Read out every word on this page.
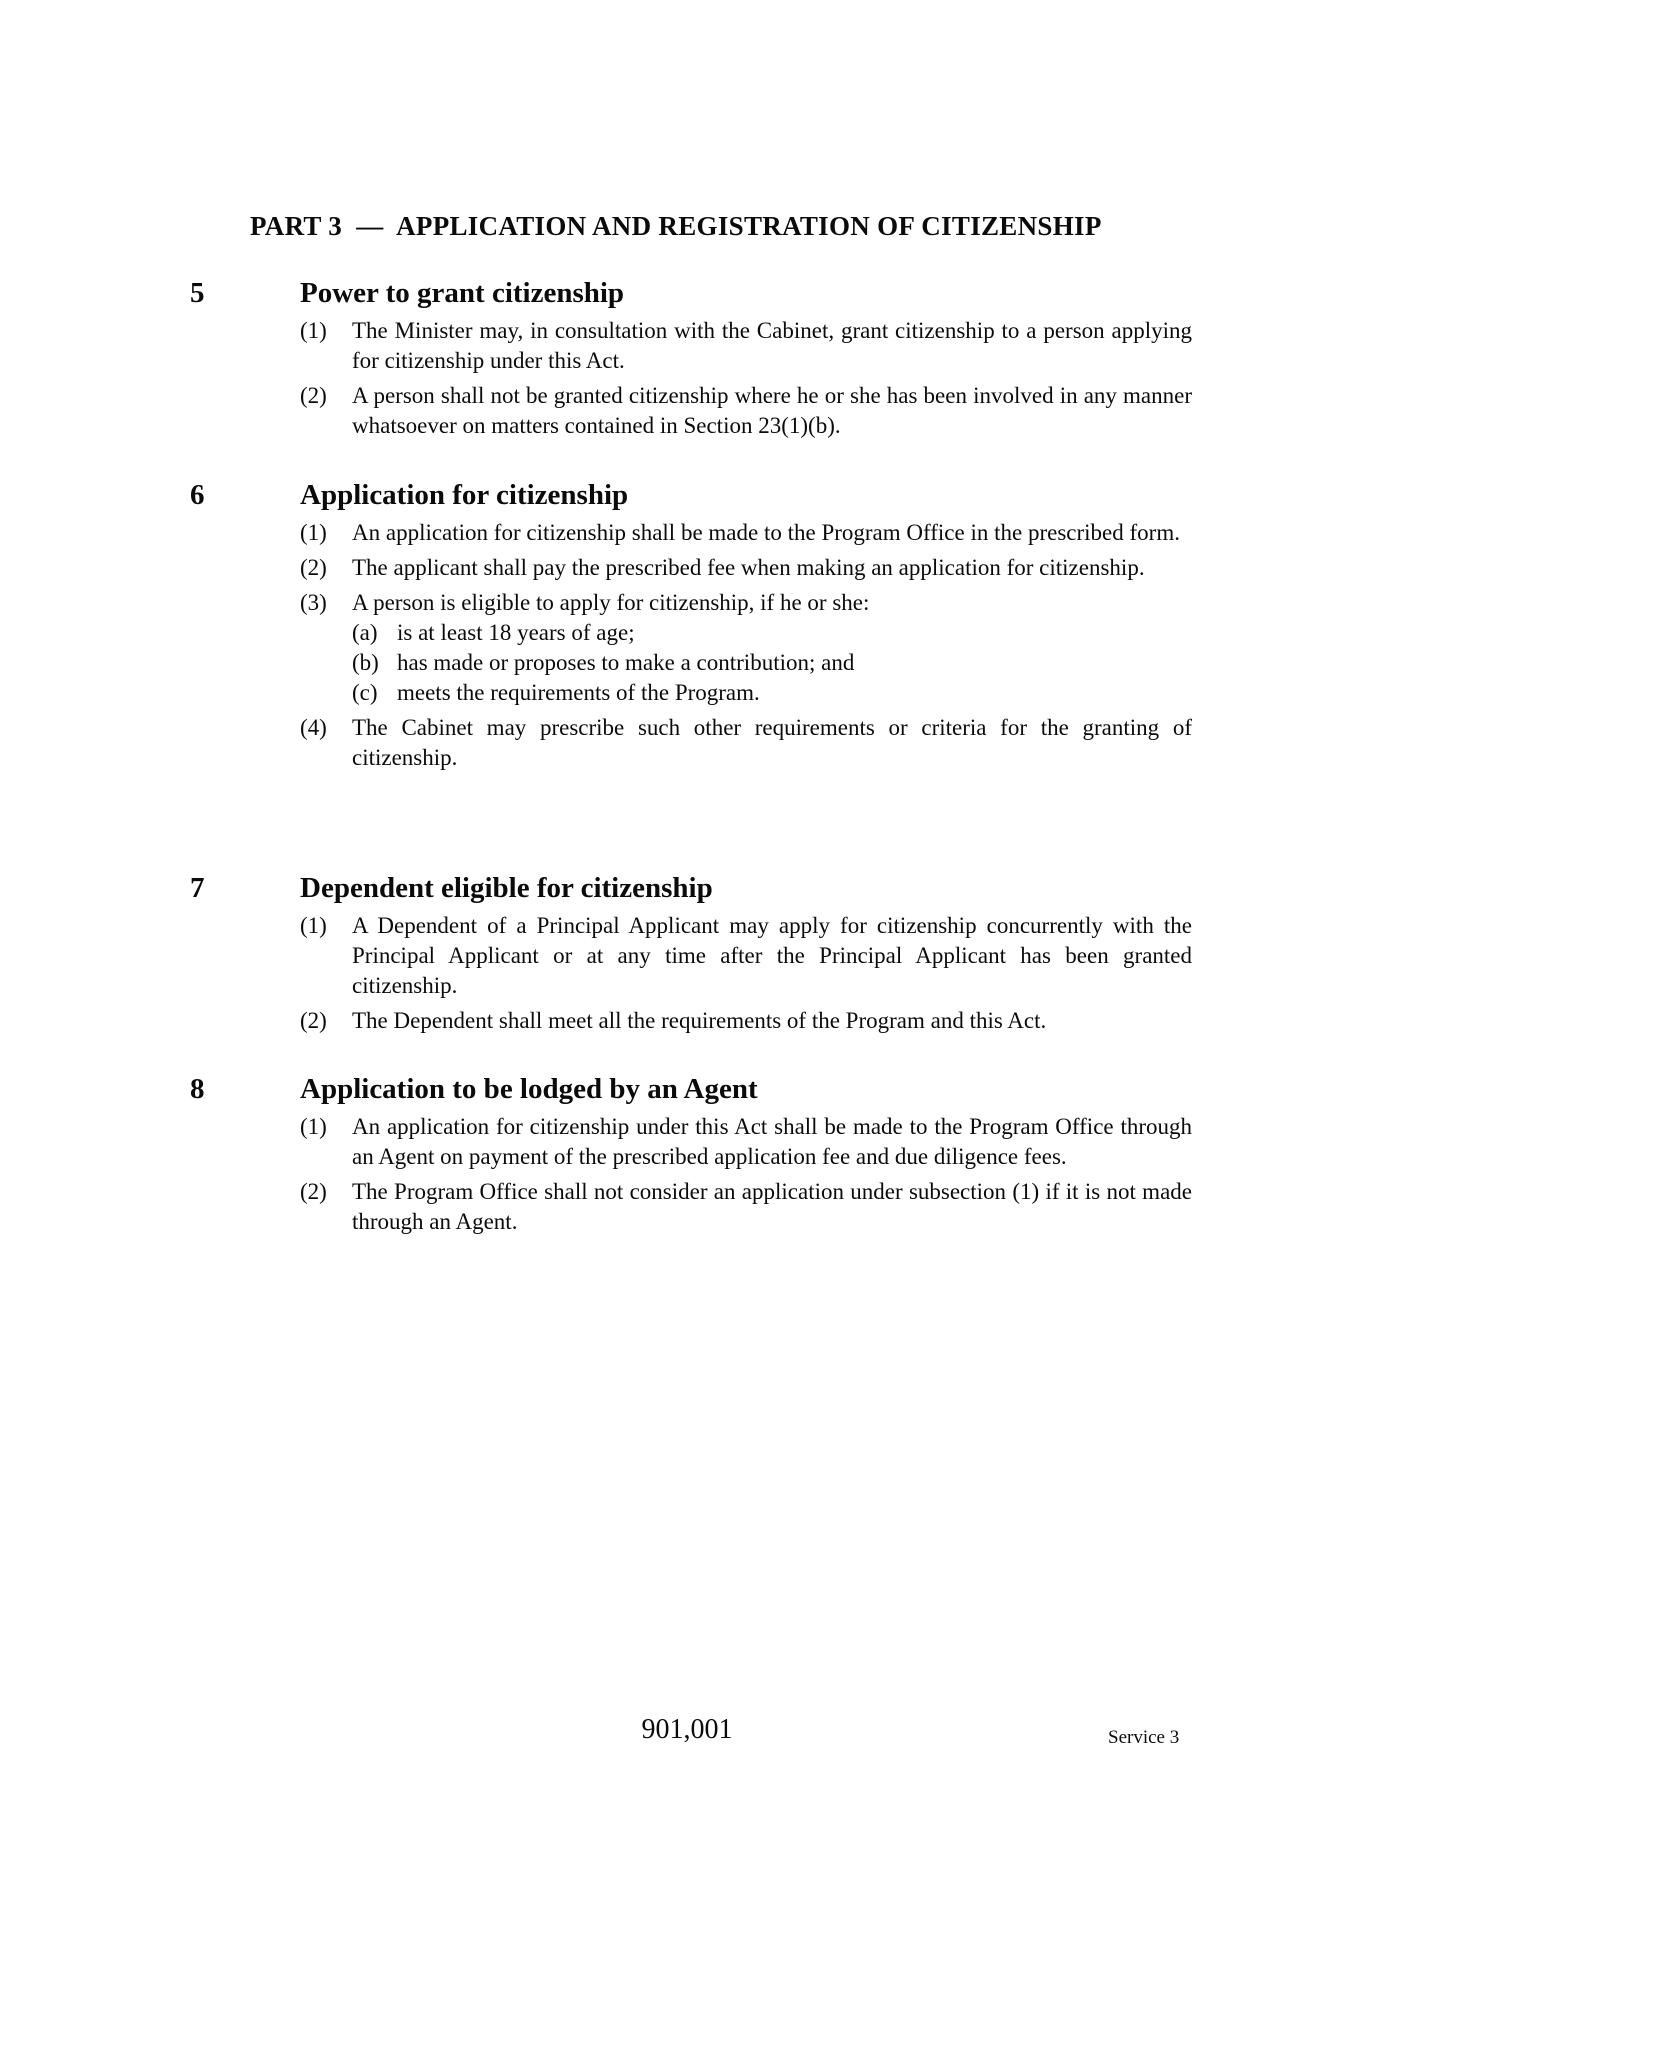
PART 3  —  APPLICATION AND REGISTRATION OF CITIZENSHIP
5	Power to grant citizenship
(1)	The Minister may, in consultation with the Cabinet, grant citizenship to a person applying for citizenship under this Act.
(2)	A person shall not be granted citizenship where he or she has been involved in any manner whatsoever on matters contained in Section 23(1)(b).
6	Application for citizenship
(1)	An application for citizenship shall be made to the Program Office in the prescribed form.
(2)	The applicant shall pay the prescribed fee when making an application for citizenship.
(3)	A person is eligible to apply for citizenship, if he or she:
(a) is at least 18 years of age;
(b) has made or proposes to make a contribution; and
(c) meets the requirements of the Program.
(4)	The Cabinet may prescribe such other requirements or criteria for the granting of citizenship.
7	Dependent eligible for citizenship
(1)	A Dependent of a Principal Applicant may apply for citizenship concurrently with the Principal Applicant or at any time after the Principal Applicant has been granted citizenship.
(2)	The Dependent shall meet all the requirements of the Program and this Act.
8	Application to be lodged by an Agent
(1)	An application for citizenship under this Act shall be made to the Program Office through an Agent on payment of the prescribed application fee and due diligence fees.
(2)	The Program Office shall not consider an application under subsection (1) if it is not made through an Agent.
901,001	Service 3
